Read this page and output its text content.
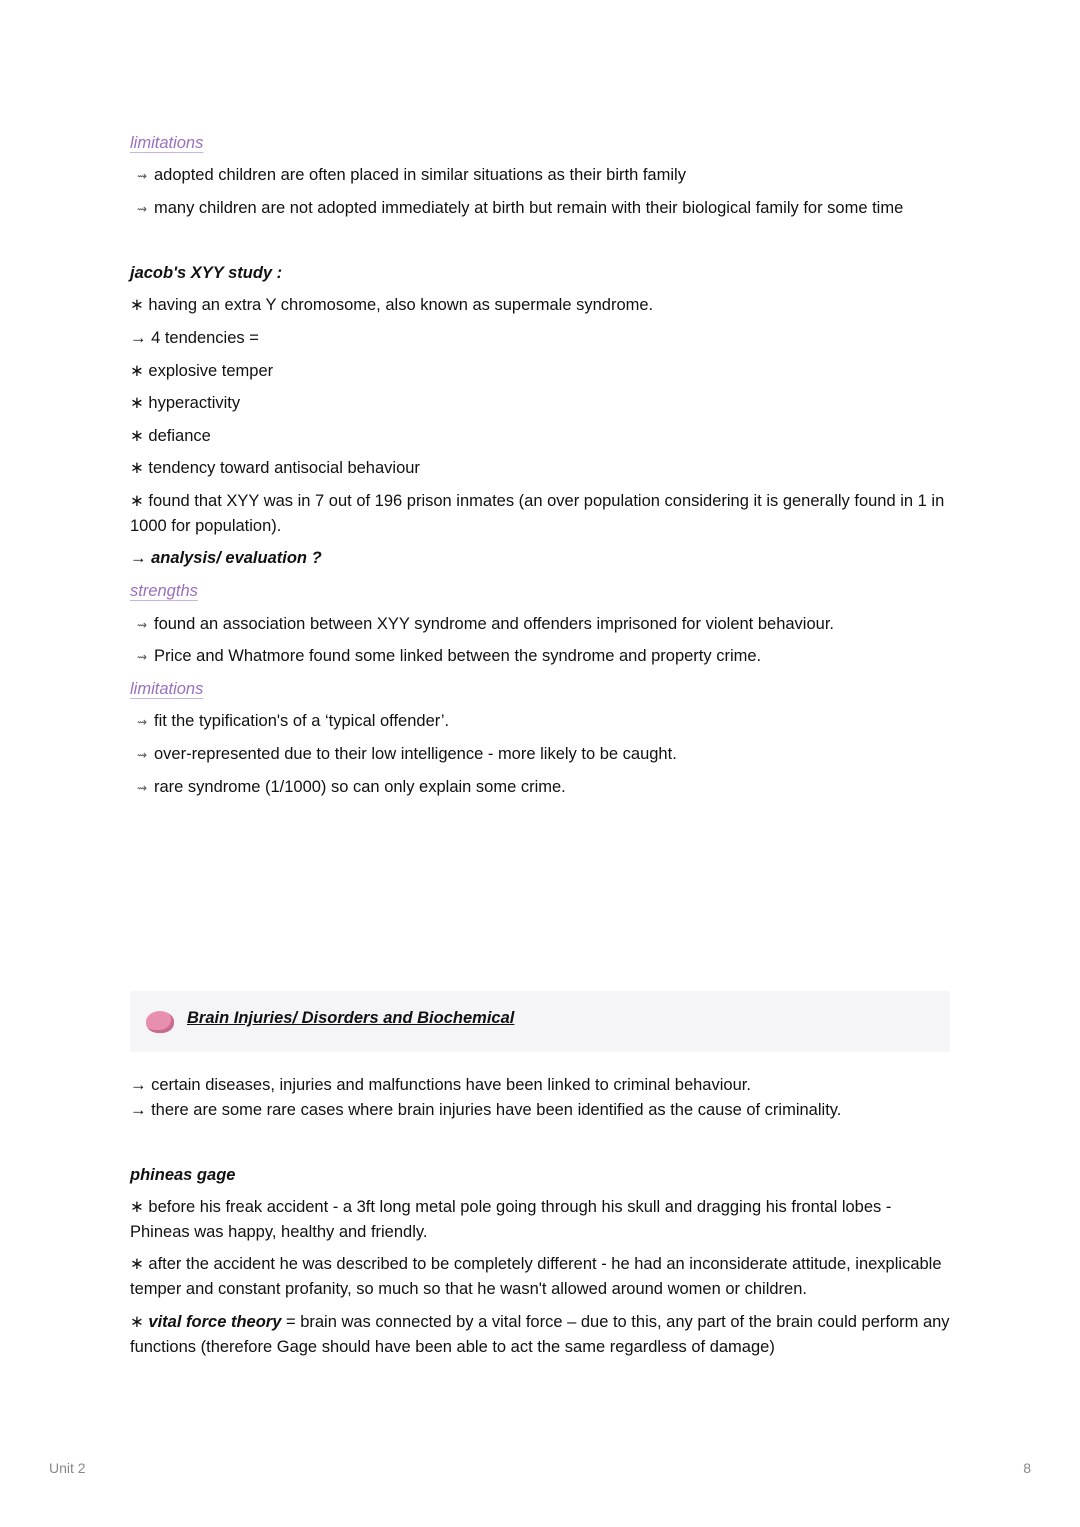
limitations
⇝ adopted children are often placed in similar situations as their birth family
⇝ many children are not adopted immediately at birth but remain with their biological family for some time
jacob's XYY study :
∗ having an extra Y chromosome, also known as supermale syndrome.
→ 4 tendencies =
∗ explosive temper
∗ hyperactivity
∗ defiance
∗ tendency toward antisocial behaviour
∗ found that XYY was in 7 out of 196 prison inmates (an over population considering it is generally found in 1 in 1000 for population).
→ analysis/ evaluation ?
strengths
⇝ found an association between XYY syndrome and offenders imprisoned for violent behaviour.
⇝ Price and Whatmore found some linked between the syndrome and property crime.
limitations
⇝ fit the typification's of a ‘typical offender’.
⇝ over-represented due to their low intelligence - more likely to be caught.
⇝ rare syndrome (1/1000) so can only explain some crime.
Brain Injuries/ Disorders and Biochemical
→ certain diseases, injuries and malfunctions have been linked to criminal behaviour.
→ there are some rare cases where brain injuries have been identified as the cause of criminality.
phineas gage
∗ before his freak accident - a 3ft long metal pole going through his skull and dragging his frontal lobes - Phineas was happy, healthy and friendly.
∗ after the accident he was described to be completely different - he had an inconsiderate attitude, inexplicable temper and constant profanity, so much so that he wasn't allowed around women or children.
∗ vital force theory = brain was connected by a vital force – due to this, any part of the brain could perform any functions (therefore Gage should have been able to act the same regardless of damage)
Unit 2	8
